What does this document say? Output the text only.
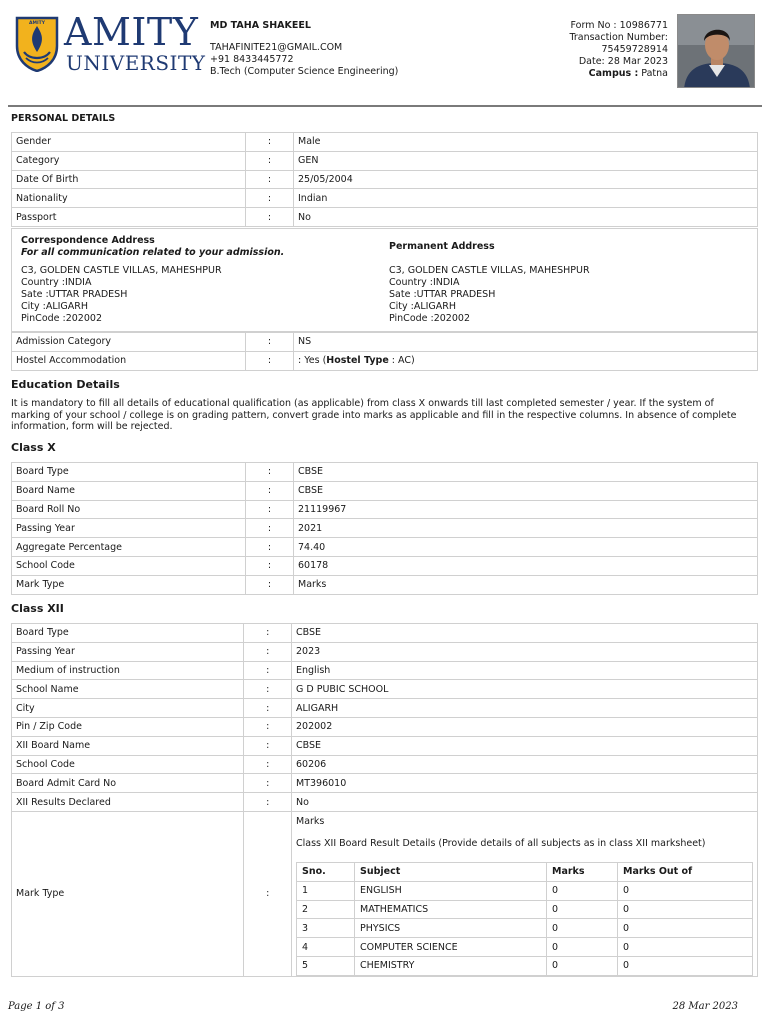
AMITY AMITY
UNIVERSITY
MD TAHA SHAKEEL
TAHAFINITE21@GMAIL.COM
+91 8433445772
B.Tech (Computer Science Engineering)
Form No : 10986771
Transaction Number:
75459728914
Date: 28 Mar 2023
Campus : Patna
PERSONAL DETAILS
Gender	:	Male
Category	:	GEN
Date Of Birth	:	25/05/2004
Nationality	:	Indian
Passport	:	No
Correspondence Address
For all communication related to your admission.
C3, GOLDEN CASTLE VILLAS, MAHESHPUR
Country :INDIA
Sate :UTTAR PRADESH
City :ALIGARH
PinCode :202002
Permanent Address
C3, GOLDEN CASTLE VILLAS, MAHESHPUR
Country :INDIA
Sate :UTTAR PRADESH
City :ALIGARH
PinCode :202002
Admission Category	:	NS
Hostel Accommodation	:	: Yes (Hostel Type : AC)
Education Details
It is mandatory to fill all details of educational qualification (as applicable) from class X onwards till last completed semester / year. If the system of marking of your school / college is on grading pattern, convert grade into marks as applicable and fill in the respective columns. In absence of complete information, form will be rejected.
Class X
Board Type	:	CBSE
Board Name	:	CBSE
Board Roll No	:	21119967
Passing Year	:	2021
Aggregate Percentage	:	74.40
School Code	:	60178
Mark Type	:	Marks
Class XII
Board Type	:	CBSE
Passing Year	:	2023
Medium of instruction	:	English
School Name	:	G D PUBIC SCHOOL
City	:	ALIGARH
Pin / Zip Code	:	202002
XII Board Name	:	CBSE
School Code	:	60206
Board Admit Card No	:	MT396010
XII Results Declared	:	No
Mark Type	:	
Marks
Class XII Board Result Details (Provide details of all subjects as in class XII marksheet)
Sno.	Subject	Marks	Marks Out of
1	ENGLISH	0	0
2	MATHEMATICS	0	0
3	PHYSICS	0	0
4	COMPUTER SCIENCE	0	0
5	CHEMISTRY	0	0
Page 1 of 3	28 Mar 2023
